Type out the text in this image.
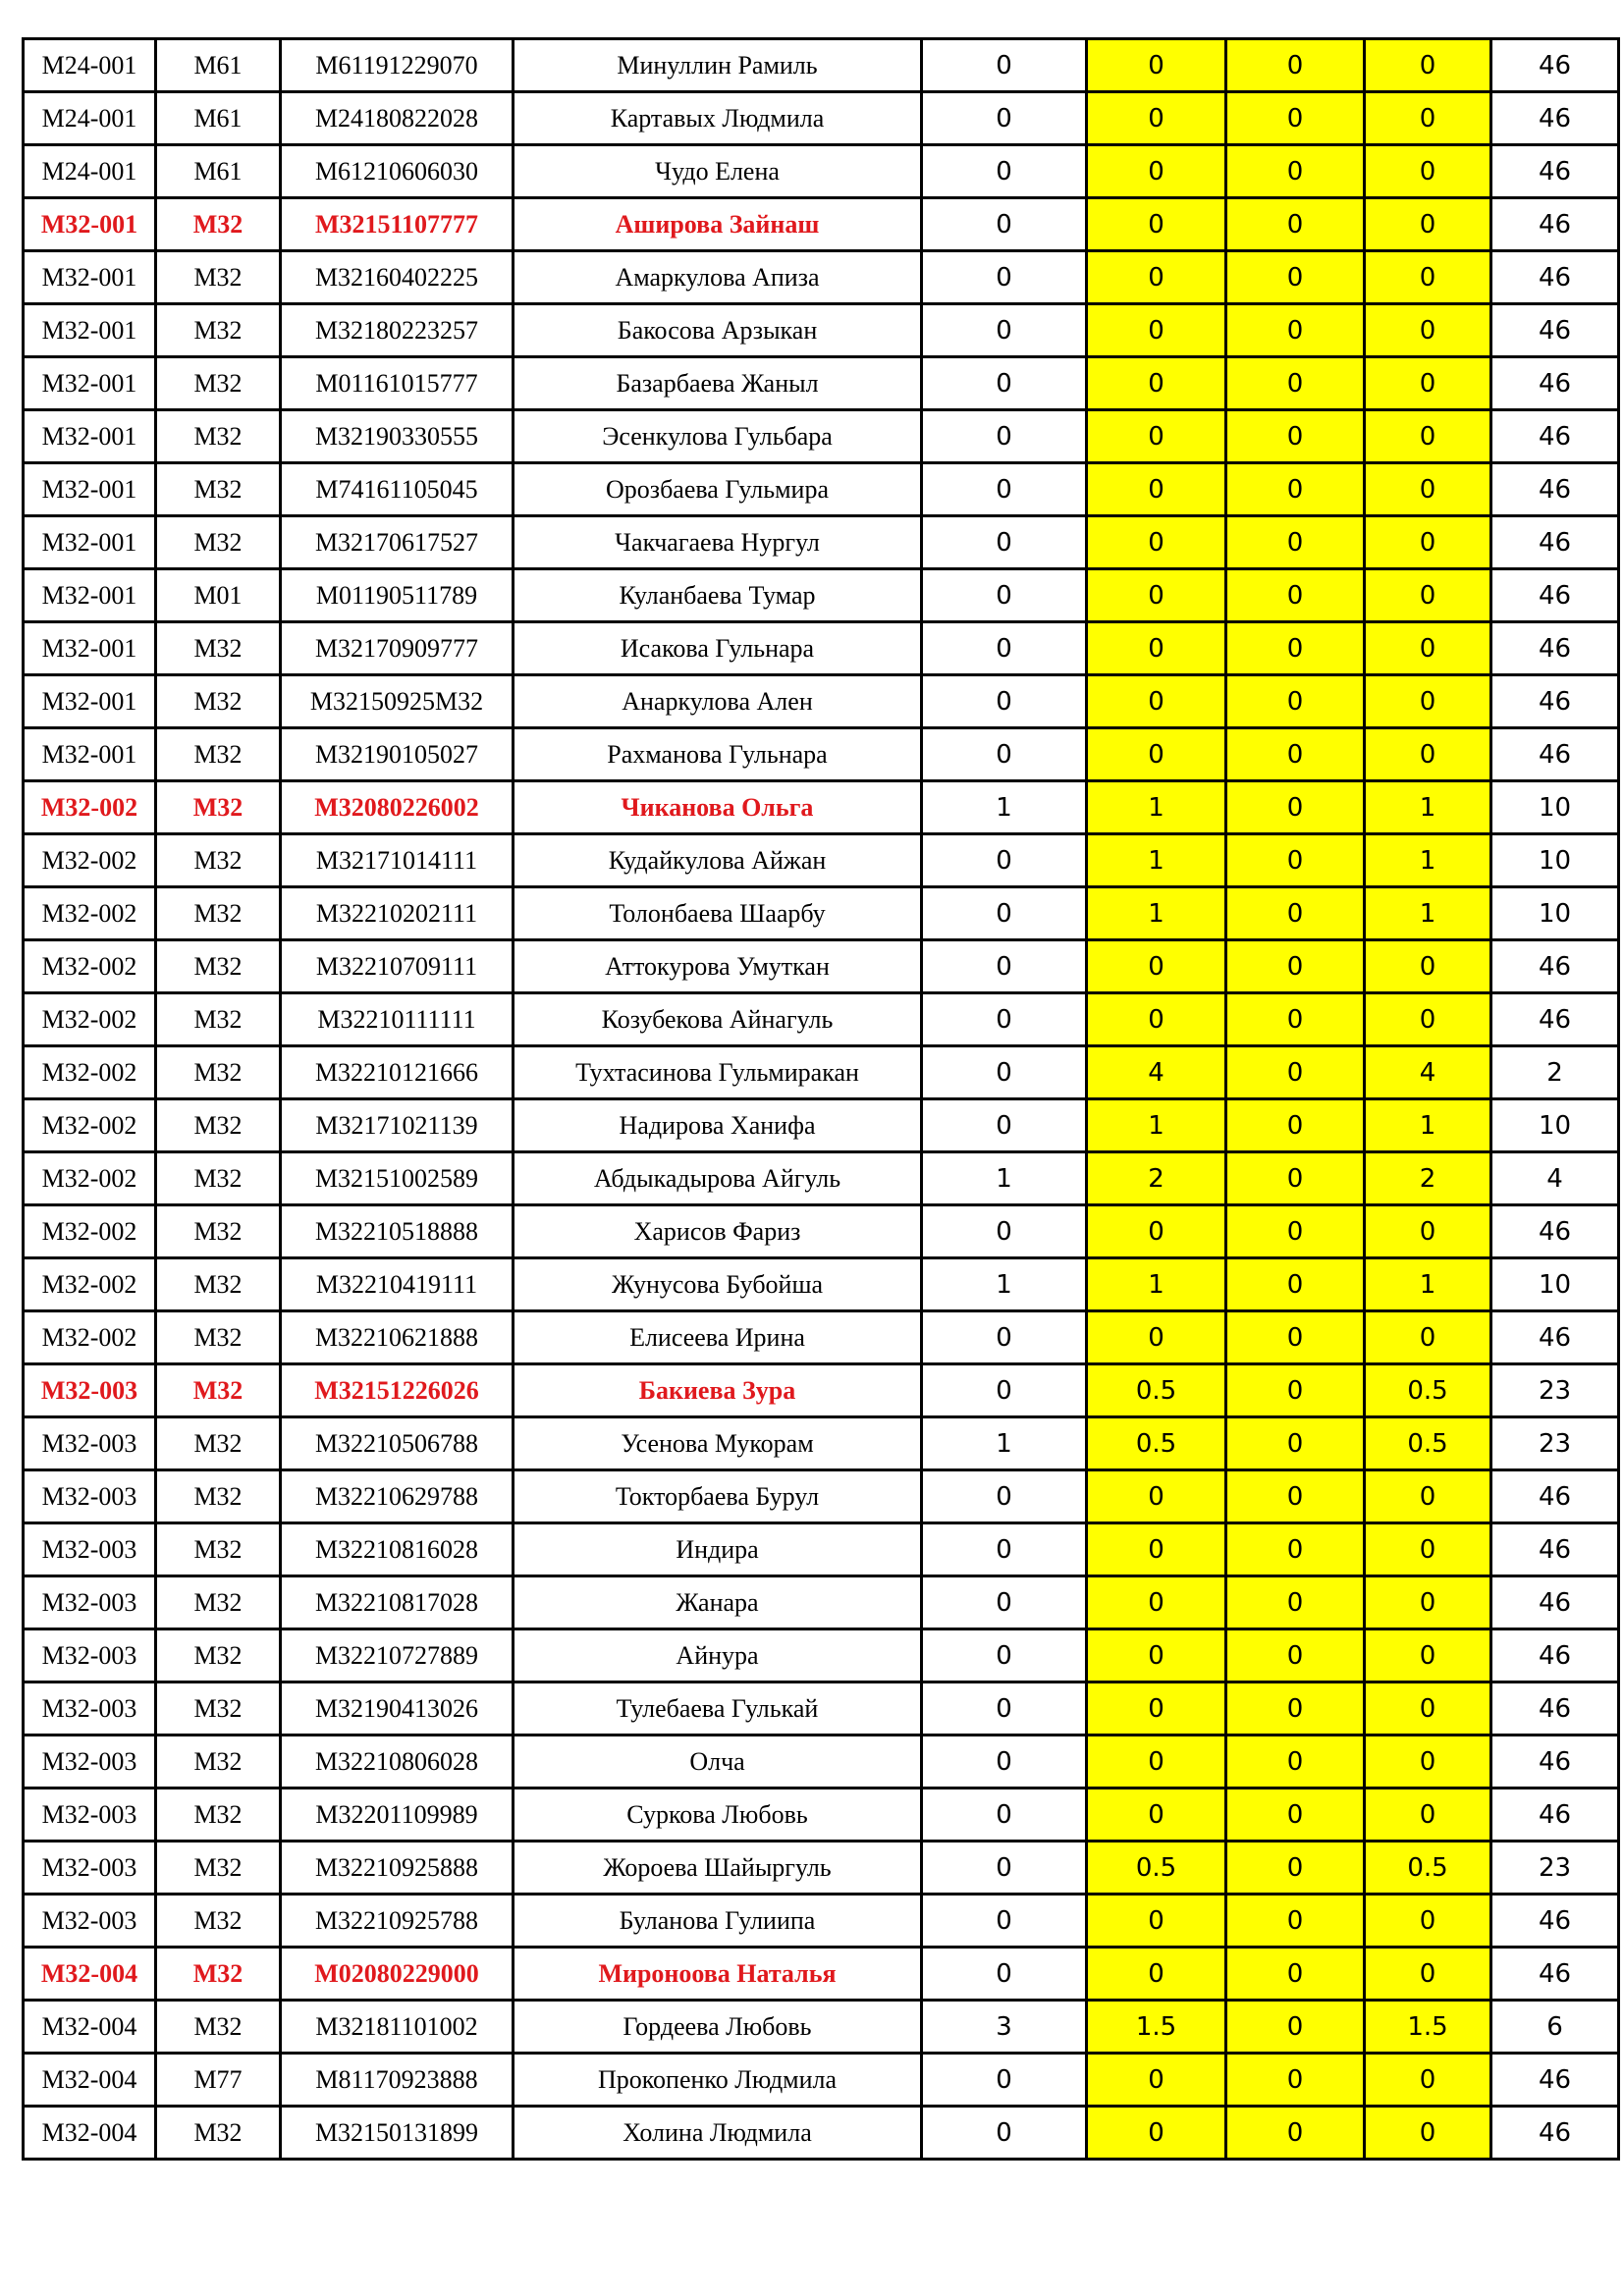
M24-001	M61	M61191229070	Минуллин Рамиль	0	0	0	0	46
M24-001	M61	M24180822028	Картавых Людмила	0	0	0	0	46
M24-001	M61	M61210606030	Чудо Елена	0	0	0	0	46
M32-001	M32	M32151107777	Аширова Зайнаш	0	0	0	0	46
M32-001	M32	M32160402225	Амаркулова Апиза	0	0	0	0	46
M32-001	M32	M32180223257	Бакосова Арзыкан	0	0	0	0	46
M32-001	M32	M01161015777	Базарбаева Жаныл	0	0	0	0	46
M32-001	M32	M32190330555	Эсенкулова Гульбара	0	0	0	0	46
M32-001	M32	M74161105045	Орозбаева Гульмира	0	0	0	0	46
M32-001	M32	M32170617527	Чакчагаева Нургул	0	0	0	0	46
M32-001	M01	M01190511789	Куланбаева Тумар	0	0	0	0	46
M32-001	M32	M32170909777	Исакова Гульнара	0	0	0	0	46
M32-001	M32	M32150925M32	Анаркулова Ален	0	0	0	0	46
M32-001	M32	M32190105027	Рахманова Гульнара	0	0	0	0	46
M32-002	M32	M32080226002	Чиканова Ольга	1	1	0	1	10
M32-002	M32	M32171014111	Кудайкулова Айжан	0	1	0	1	10
M32-002	M32	M32210202111	Толонбаева Шаарбу	0	1	0	1	10
M32-002	M32	M32210709111	Аттокурова Умуткан	0	0	0	0	46
M32-002	M32	M32210111111	Козубекова Айнагуль	0	0	0	0	46
M32-002	M32	M32210121666	Тухтасинова Гульмиракан	0	4	0	4	2
M32-002	M32	M32171021139	Надирова Ханифа	0	1	0	1	10
M32-002	M32	M32151002589	Абдыкадырова Айгуль	1	2	0	2	4
M32-002	M32	M32210518888	Харисов Фариз	0	0	0	0	46
M32-002	M32	M32210419111	Жунусова Бубойша	1	1	0	1	10
M32-002	M32	M32210621888	Елисеева Ирина	0	0	0	0	46
M32-003	M32	M32151226026	Бакиева Зура	0	0.5	0	0.5	23
M32-003	M32	M32210506788	Усенова Мукорам	1	0.5	0	0.5	23
M32-003	M32	M32210629788	Токторбаева Бурул	0	0	0	0	46
M32-003	M32	M32210816028	Индира	0	0	0	0	46
M32-003	M32	M32210817028	Жанара	0	0	0	0	46
M32-003	M32	M32210727889	Айнура	0	0	0	0	46
M32-003	M32	M32190413026	Тулебаева Гулькай	0	0	0	0	46
M32-003	M32	M32210806028	Олча	0	0	0	0	46
M32-003	M32	M32201109989	Суркова Любовь	0	0	0	0	46
M32-003	M32	M32210925888	Жороева Шайыргуль	0	0.5	0	0.5	23
M32-003	M32	M32210925788	Буланова Гулиипа	0	0	0	0	46
M32-004	M32	M02080229000	Мироноова Наталья	0	0	0	0	46
M32-004	M32	M32181101002	Гордеева Любовь	3	1.5	0	1.5	6
M32-004	M77	M81170923888	Прокопенко Людмила	0	0	0	0	46
M32-004	M32	M32150131899	Холина Людмила	0	0	0	0	46
